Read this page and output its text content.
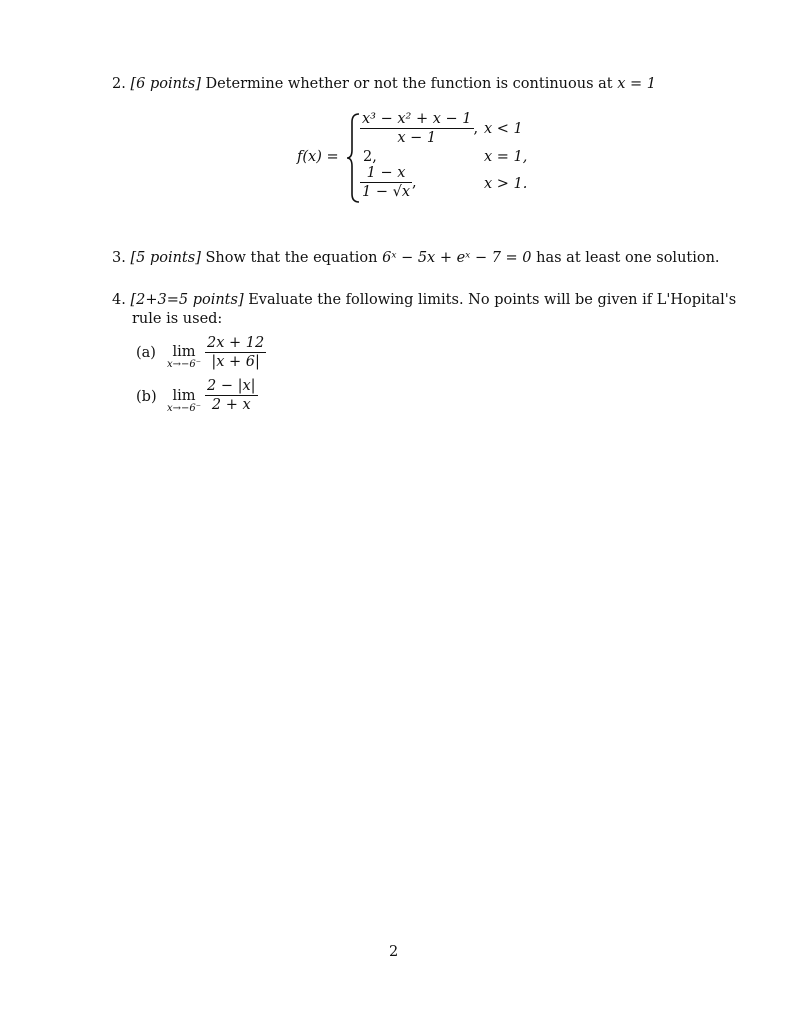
2. [6 points] Determine whether or not the function is continuous at x = 1
f(x) =
$\frac{\text{x³ − x² + x − 1}}{x - 1}$ , x < 1
2,	x = 1,
$\frac{1 - x}{1 - √x}$ ,	x > 1.
3. [5 points] Show that the equation 6ˣ − 5x + eˣ − 7 = 0 has at least one solution.
4. [2+3=5 points] Evaluate the following limits. No points will be given if L'Hopital's
rule is used:
(a)	lim
$x\to-6^- \frac{2x + 12}{|x + 6|}$
(b)	lim
$x\to-6^- \frac{2 - |x|}{2 + x}$
2
